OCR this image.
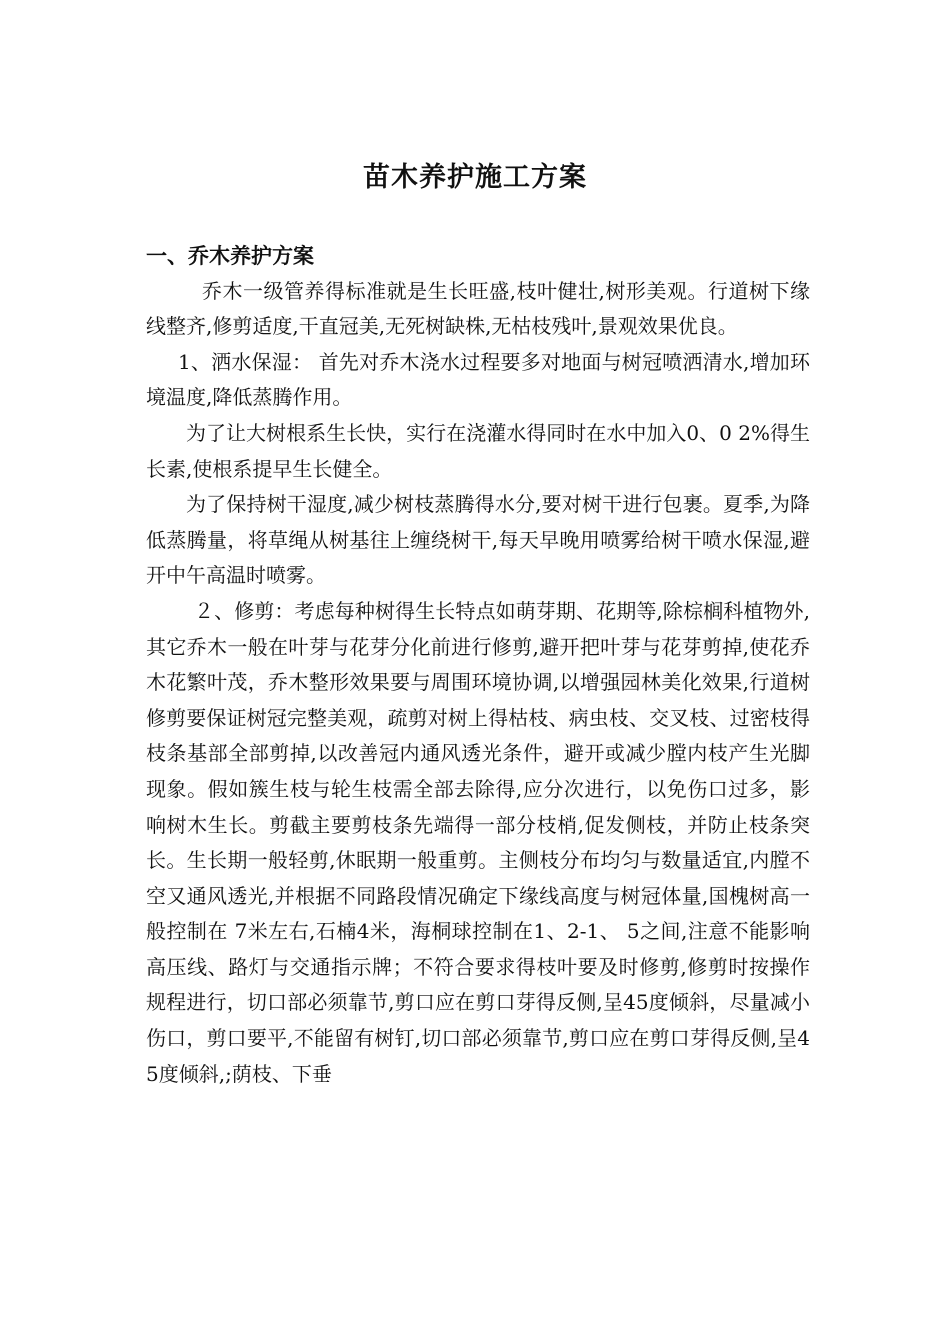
苗木养护施工方案

一、乔木养护方案

乔木一级管养得标准就是生长旺盛,枝叶健壮,树形美观。行道树下缘线整齐,修剪适度,干直冠美,无死树缺株,无枯枝残叶,景观效果优良。

1、洒水保湿： 首先对乔木浇水过程要多对地面与树冠喷洒清水,增加环境温度,降低蒸腾作用。

为了让大树根系生长快，实行在浇灌水得同时在水中加入0、0 2%得生长素,使根系提早生长健全。

为了保持树干湿度,减少树枝蒸腾得水分,要对树干进行包裹。夏季,为降低蒸腾量，将草绳从树基往上缠绕树干,每天早晚用喷雾给树干喷水保湿,避开中午高温时喷雾。

２、修剪：考虑每种树得生长特点如萌芽期、花期等,除棕榈科植物外,其它乔木一般在叶芽与花芽分化前进行修剪,避开把叶芽与花芽剪掉,使花乔木花繁叶茂，乔木整形效果要与周围环境协调,以增强园林美化效果,行道树修剪要保证树冠完整美观，疏剪对树上得枯枝、病虫枝、交叉枝、过密枝得枝条基部全部剪掉,以改善冠内通风透光条件，避开或减少膛内枝产生光脚现象。假如簇生枝与轮生枝需全部去除得,应分次进行，以免伤口过多，影响树木生长。剪截主要剪枝条先端得一部分枝梢,促发侧枝，并防止枝条突长。生长期一般轻剪,休眠期一般重剪。主侧枝分布均匀与数量适宜,内膛不空又通风透光,并根据不同路段情况确定下缘线高度与树冠体量,国槐树高一般控制在 7米左右,石楠4米，海桐球控制在1、2-1、 5之间,注意不能影响高压线、路灯与交通指示牌；不符合要求得枝叶要及时修剪,修剪时按操作规程进行，切口部必须靠节,剪口应在剪口芽得反侧,呈45度倾斜，尽量减小伤口，剪口要平,不能留有树钉,切口部必须靠节,剪口应在剪口芽得反侧,呈45度倾斜,;荫枝、下垂
